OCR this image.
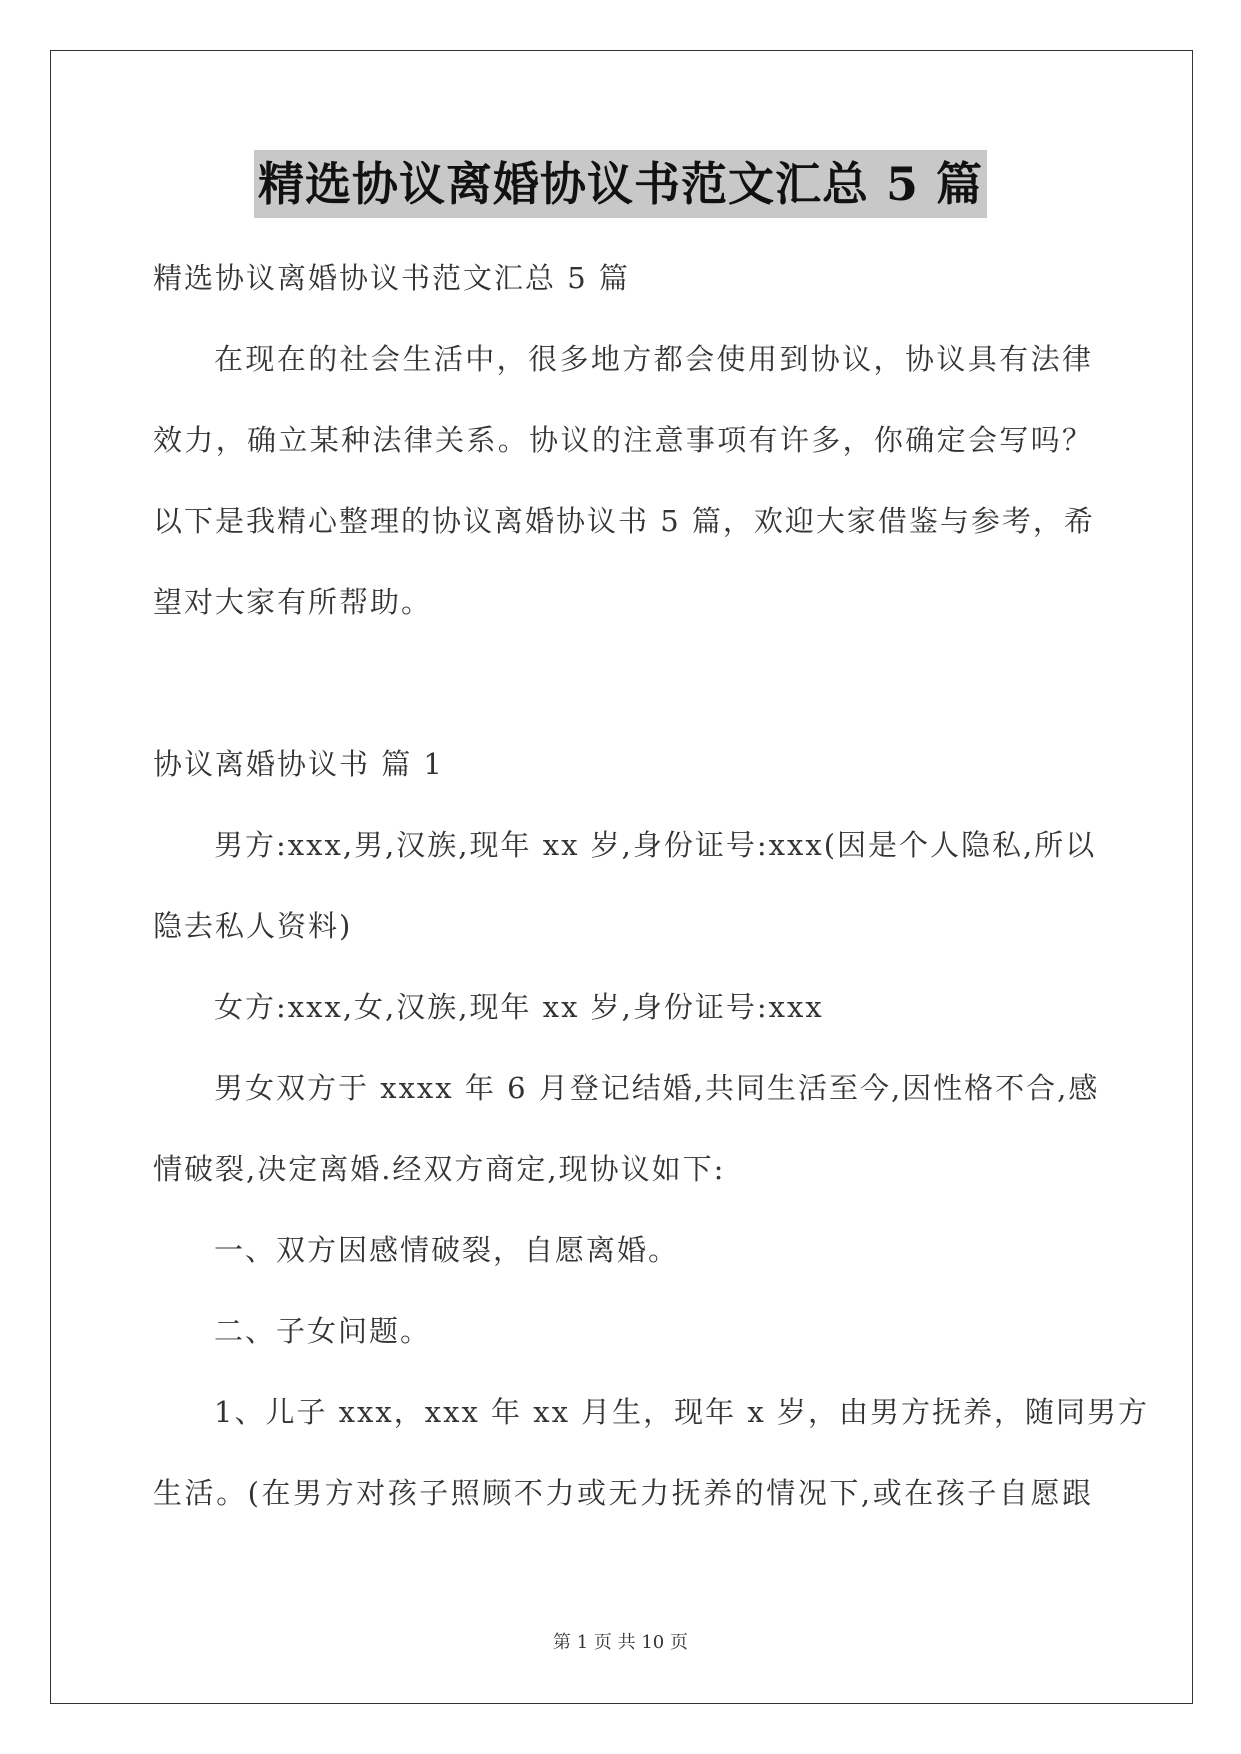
精选协议离婚协议书范文汇总 5 篇
精选协议离婚协议书范文汇总 5 篇
在现在的社会生活中，很多地方都会使用到协议，协议具有法律
效力，确立某种法律关系。协议的注意事项有许多，你确定会写吗？
以下是我精心整理的协议离婚协议书 5 篇，欢迎大家借鉴与参考，希
望对大家有所帮助。
协议离婚协议书 篇 1
男方:xxx,男,汉族,现年 xx 岁,身份证号:xxx(因是个人隐私,所以
隐去私人资料)
女方:xxx,女,汉族,现年 xx 岁,身份证号:xxx
男女双方于 xxxx 年 6 月登记结婚,共同生活至今,因性格不合,感
情破裂,决定离婚.经双方商定,现协议如下:
一、双方因感情破裂，自愿离婚。
二、子女问题。
1、儿子 xxx，xxx 年 xx 月生，现年 x 岁，由男方抚养，随同男方
生活。(在男方对孩子照顾不力或无力抚养的情况下,或在孩子自愿跟
第 1 页 共 10 页
